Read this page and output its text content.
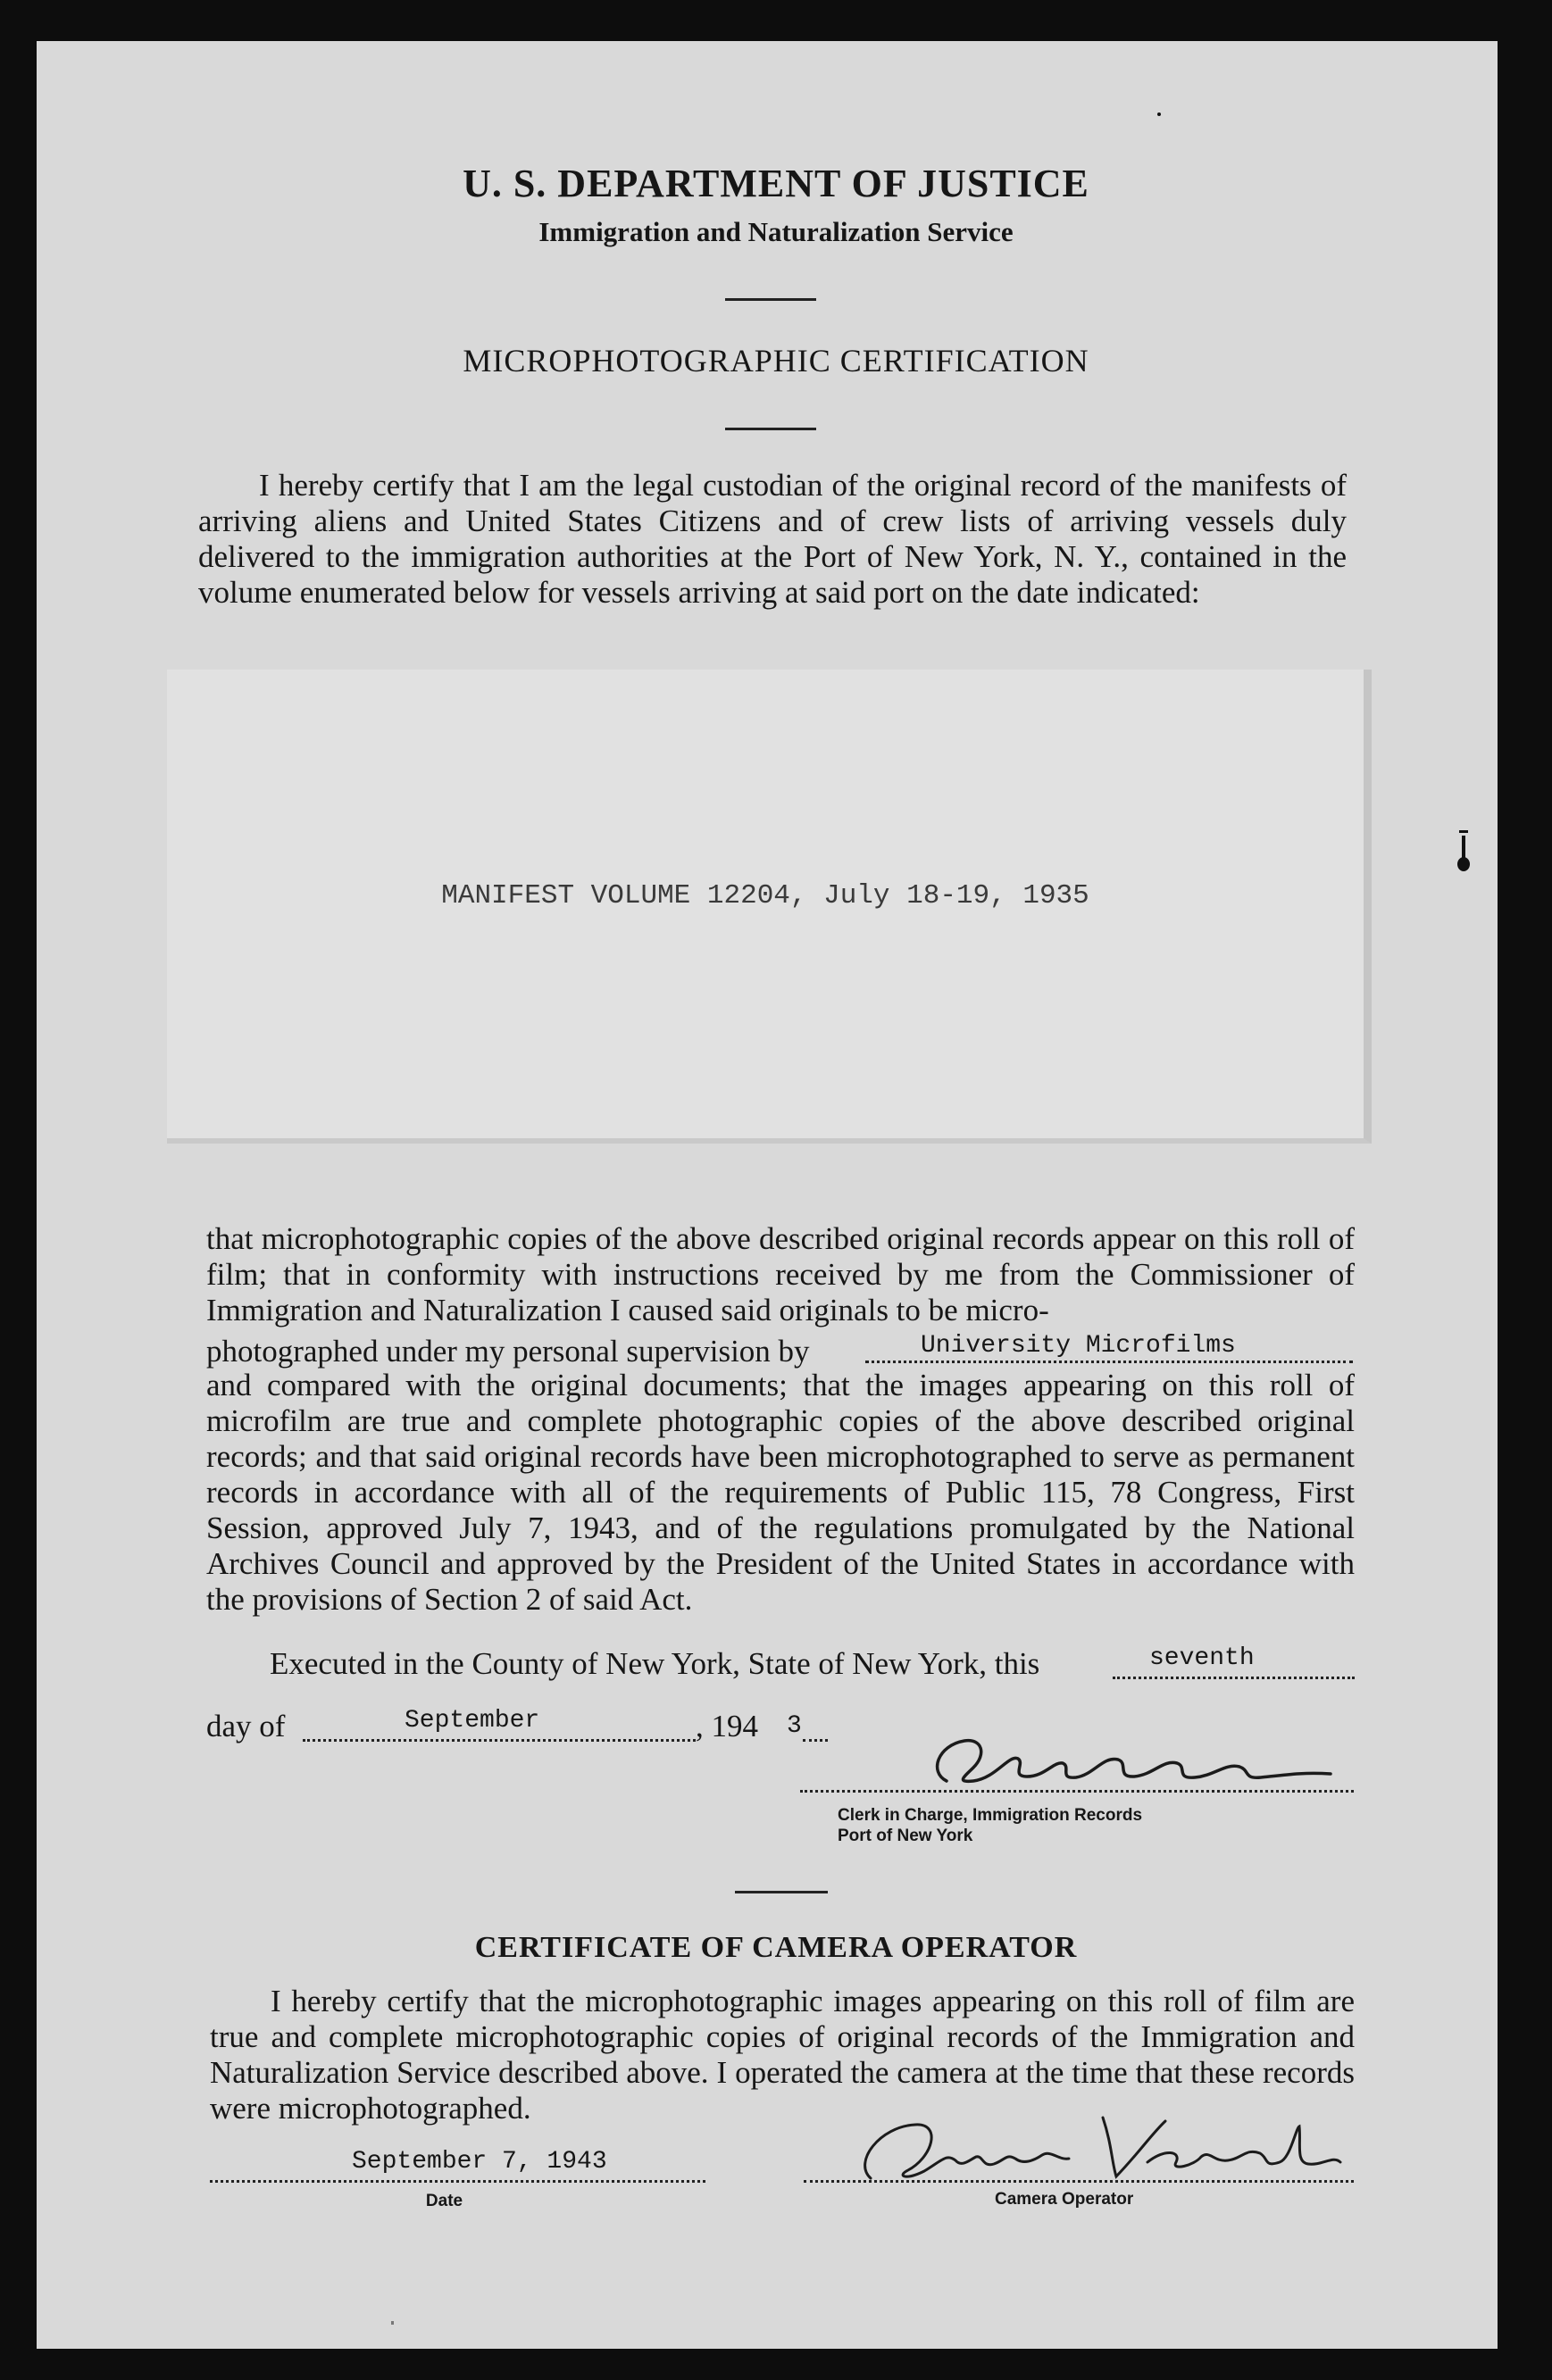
U. S. DEPARTMENT OF JUSTICE
Immigration and Naturalization Service
MICROPHOTOGRAPHIC CERTIFICATION

I hereby certify that I am the legal custodian of the original record of the manifests of arriving aliens and United States Citizens and of crew lists of arriving vessels duly delivered to the immigration authorities at the Port of New York, N. Y., contained in the volume enumerated below for vessels arriving at said port on the date indicated:

MANIFEST VOLUME 12204, July 18-19, 1935

that microphotographic copies of the above described original records appear on this roll of film; that in conformity with instructions received by me from the Commissioner of Immigration and Naturalization I caused said originals to be micro-

photographed under my personal supervision by	University Microfilms

and compared with the original documents; that the images appearing on this roll of microfilm are true and complete photographic copies of the above described original records; and that said original records have been microphotographed to serve as permanent records in accordance with all of the requirements of Public 115, 78 Congress, First Session, approved July 7, 1943, and of the regulations promulgated by the National Archives Council and approved by the President of the United States in accordance with the provisions of Section 2 of said Act.

Executed in the County of New York, State of New York, this	seventh
day of	September	, 194 3
Clerk in Charge, Immigration Records
Port of New York
CERTIFICATE OF CAMERA OPERATOR

I hereby certify that the microphotographic images appearing on this roll of film are true and complete microphotographic copies of original records of the Immigration and Naturalization Service described above. I operated the camera at the time that these records were microphotographed.

September 7, 1943
Date	Camera Operator
